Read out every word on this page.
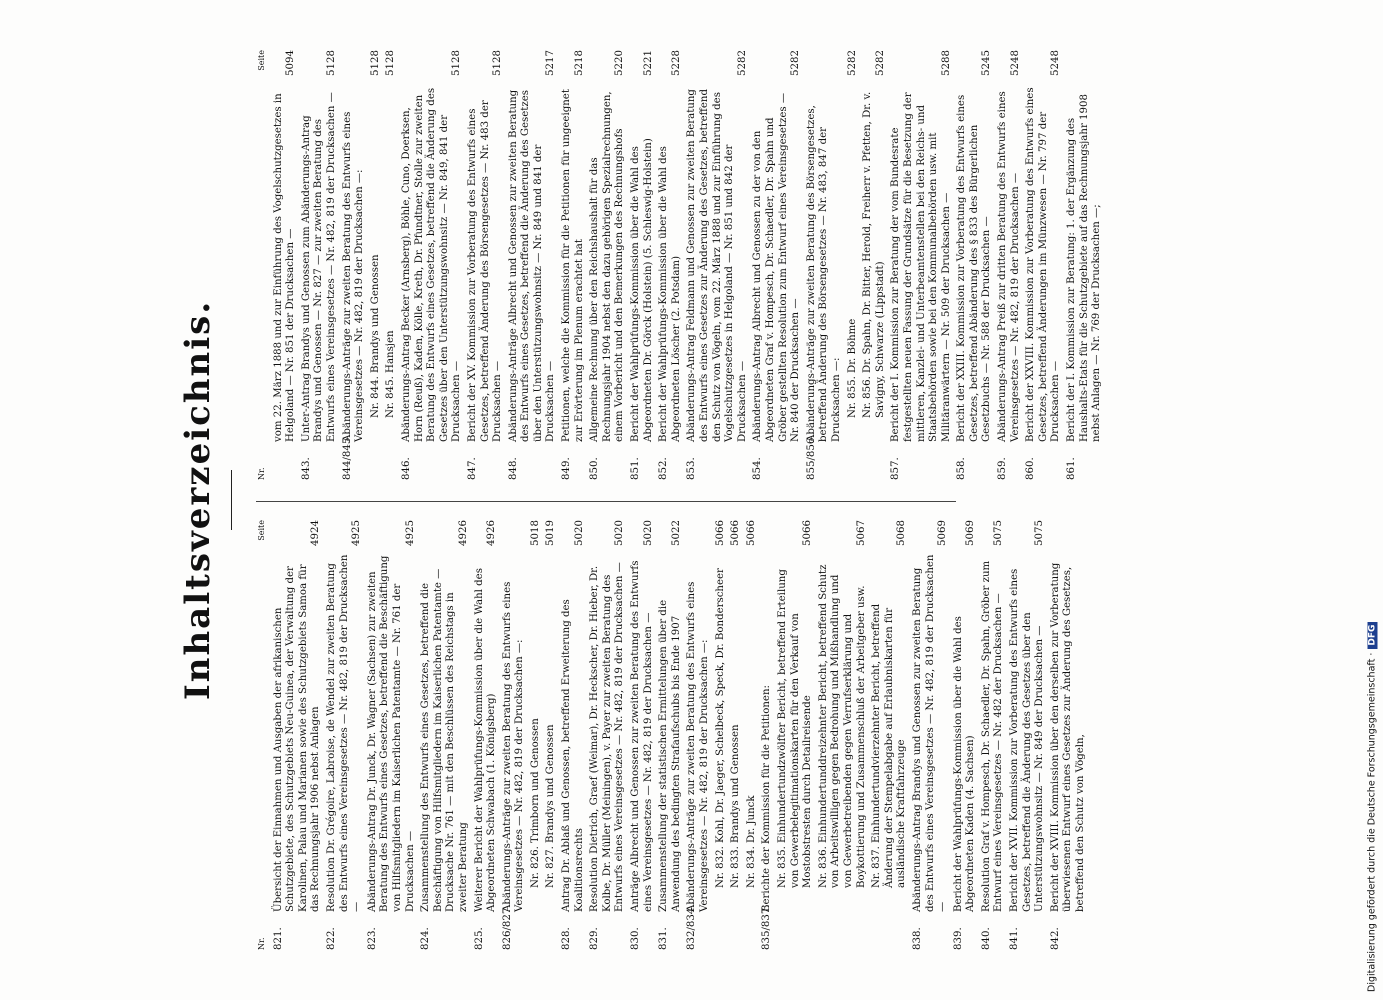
Inhaltsverzeichnis.
Nr.
Seite
821.
Übersicht der Einnahmen und Ausgaben der afrikanischen Schutzgebiete, des Schutzgebiets Neu-Guinea, der Verwaltung der Karolinen, Palau und Marianen sowie des Schutzgebiets Samoa für das Rechnungsjahr 1906 nebst Anlagen
4924
822.
Resolution Dr. Grégoire, Labroise, de Wendel zur zweiten Beratung des Entwurfs eines Vereinsgesetzes — Nr. 482, 819 der Drucksachen —
4925
823.
Abänderungs-Antrag Dr. Junck, Dr. Wagner (Sachsen) zur zweiten Beratung des Entwurfs eines Gesetzes, betreffend die Beschäftigung von Hilfsmitgliedern im Kaiserlichen Patentamte — Nr. 761 der Drucksachen —
4925
824.
Zusammenstellung des Entwurfs eines Gesetzes, betreffend die Beschäftigung von Hilfsmitgliedern im Kaiserlichen Patentamte — Drucksache Nr. 761 — mit den Beschlüssen des Reichstags in zweiter Beratung
4926
825.
Weiterer Bericht der Wahlprüfungs-Kommission über die Wahl des Abgeordneten Schwabach (1. Königsberg)
4926
826/827.
Abänderungs-Anträge zur zweiten Beratung des Entwurfs eines Vereinsgesetzes — Nr. 482, 819 der Drucksachen —: Nr. 826. Trimborn und Genossen
5018
Nr. 827. Brandys und Genossen
5019
828.
Antrag Dr. Ablaß und Genossen, betreffend Erweiterung des Koalitionsrechts
5020
829.
Resolution Dietrich, Graef (Weimar), Dr. Heckscher, Dr. Hieber, Dr. Kolbe, Dr. Müller (Meiningen), v. Payer zur zweiten Beratung des Entwurfs eines Vereinsgesetzes — Nr. 482, 819 der Drucksachen —
5020
830.
Anträge Albrecht und Genossen zur zweiten Beratung des Entwurfs eines Vereinsgesetzes — Nr. 482, 819 der Drucksachen —
5020
831.
Zusammenstellung der statistischen Ermittelungen über die Anwendung des bedingten Strafaufschubs bis Ende 1907
5022
832/834.
Abänderungs-Anträge zur zweiten Beratung des Entwurfs eines Vereinsgesetzes — Nr. 482, 819 der Drucksachen —: Nr. 832. Kohl, Dr. Jaeger, Schelbeck, Speck, Dr. Bonderscheer
5066
Nr. 833. Brandys und Genossen
5066
Nr. 834. Dr. Junck
5066
835/837.
Berichte der Kommission für die Petitionen: Nr. 835. Einhundertundzwölfter Bericht, betreffend Erteilung von Gewerbelegitimationskarten für den Verkauf von Mostobstresten durch Detailreisende
5066
Nr. 836. Einhundertunddreizehnter Bericht, betreffend Schutz von Arbeitswilligen gegen Bedrohung und Mißhandlung und von Gewerbetreibenden gegen Verrufserklärung und Boykottierung und Zusammenschluß der Arbeitgeber usw.
5067
Nr. 837. Einhundertundvierzehnter Bericht, betreffend Änderung der Stempelabgabe auf Erlaubniskarten für ausländische Kraftfahrzeuge
5068
838.
Abänderungs-Antrag Brandys und Genossen zur zweiten Beratung des Entwurfs eines Vereinsgesetzes — Nr. 482, 819 der Drucksachen —
5069
839.
Bericht der Wahlprüfungs-Kommission über die Wahl des Abgeordneten Kaden (4. Sachsen)
5069
840.
Resolution Graf v. Hompesch, Dr. Schaedler, Dr. Spahn, Gröber zum Entwurf eines Vereinsgesetzes — Nr. 482 der Drucksachen —
5075
841.
Bericht der XVII. Kommission zur Vorberatung des Entwurfs eines Gesetzes, betreffend die Änderung des Gesetzes über den Unterstützungswohnsitz — Nr. 849 der Drucksachen —
5075
842.
Bericht der XVIII. Kommission über den derselben zur Vorberatung überwiesenen Entwurf eines Gesetzes zur Änderung des Gesetzes, betreffend den Schutz von Vögeln,
Nr.
Seite
vom 22. März 1888 und zur Einführung des Vogelschutzgesetzes in Helgoland — Nr. 851 der Drucksachen —
5094
843.
Unter-Antrag Brandys und Genossen zum Abänderungs-Antrag Brandys und Genossen — Nr. 827 — zur zweiten Beratung des Entwurfs eines Vereinsgesetzes — Nr. 482, 819 der Drucksachen —
5128
844/845.
Abänderungs-Anträge zur zweiten Beratung des Entwurfs eines Vereinsgesetzes — Nr. 482, 819 der Drucksachen —: Nr. 844. Brandys und Genossen
5128
Nr. 845. Hansjen
5128
846.
Abänderungs-Antrag Becker (Arnsberg), Böhle, Cuno, Doerksen, Horn (Reuß), Kaden, Kölle, Kreth, Dr. Pfundtner, Stolle zur zweiten Beratung des Entwurfs eines Gesetzes, betreffend die Änderung des Gesetzes über den Unterstützungswohnsitz — Nr. 849, 841 der Drucksachen —
5128
847.
Bericht der XV. Kommission zur Vorberatung des Entwurfs eines Gesetzes, betreffend Änderung des Börsengesetzes — Nr. 483 der Drucksachen —
5128
848.
Abänderungs-Anträge Albrecht und Genossen zur zweiten Beratung des Entwurfs eines Gesetzes, betreffend die Änderung des Gesetzes über den Unterstützungswohnsitz — Nr. 849 und 841 der Drucksachen —
5217
849.
Petitionen, welche die Kommission für die Petitionen für ungeeignet zur Erörterung im Plenum erachtet hat
5218
850.
Allgemeine Rechnung über den Reichshaushalt für das Rechnungsjahr 1904 nebst den dazu gehörigen Spezialrechnungen, einem Vorbericht und den Bemerkungen des Rechnungshofs
5220
851.
Bericht der Wahlprüfungs-Kommission über die Wahl des Abgeordneten Dr. Görck (Holstein) (5. Schleswig-Holstein)
5221
852.
Bericht der Wahlprüfungs-Kommission über die Wahl des Abgeordneten Löscher (2. Potsdam)
5228
853.
Abänderungs-Antrag Feldmann und Genossen zur zweiten Beratung des Entwurfs eines Gesetzes zur Änderung des Gesetzes, betreffend den Schutz von Vögeln, vom 22. März 1888 und zur Einführung des Vogelschutzgesetzes in Helgoland — Nr. 851 und 842 der Drucksachen —
5282
854.
Abänderungs-Antrag Albrecht und Genossen zu der von den Abgeordneten Graf v. Hompesch, Dr. Schaedler, Dr. Spahn und Gröber gestellten Resolution zum Entwurf eines Vereinsgesetzes — Nr. 840 der Drucksachen —
5282
855/856.
Abänderungs-Anträge zur zweiten Beratung des Börsengesetzes, betreffend Änderung des Börsengesetzes — Nr. 483, 847 der Drucksachen —: Nr. 855. Dr. Böhme
5282
Nr. 856. Dr. Spahn, Dr. Bitter, Herold, Freiherr v. Pfetten, Dr. v. Savigny, Schwarze (Lippstadt)
5282
857.
Bericht der I. Kommission zur Beratung der vom Bundesrate festgestellten neuen Fassung der Grundsätze für die Besetzung der mittleren, Kanzlei- und Unterbeamtenstellen bei den Reichs- und Staatsbehörden sowie bei den Kommunalbehörden usw. mit Militäranwärtern — Nr. 509 der Drucksachen —
5288
858.
Bericht der XXIII. Kommission zur Vorberatung des Entwurfs eines Gesetzes, betreffend Abänderung des § 833 des Bürgerlichen Gesetzbuchs — Nr. 588 der Drucksachen —
5245
859.
Abänderungs-Antrag Preiß zur dritten Beratung des Entwurfs eines Vereinsgesetzes — Nr. 482, 819 der Drucksachen —
5248
860.
Bericht der XXVIII. Kommission zur Vorberatung des Entwurfs eines Gesetzes, betreffend Änderungen im Münzwesen — Nr. 797 der Drucksachen —
5248
861.
Bericht der I. Kommission zur Beratung: 1. der Ergänzung des Haushalts-Etats für die Schutzgebiete auf das Rechnungsjahr 1908 nebst Anlagen — Nr. 769 der Drucksachen —;
Digitalisierung gefördert durch die Deutsche Forschungsgemeinschaft ·DFG
